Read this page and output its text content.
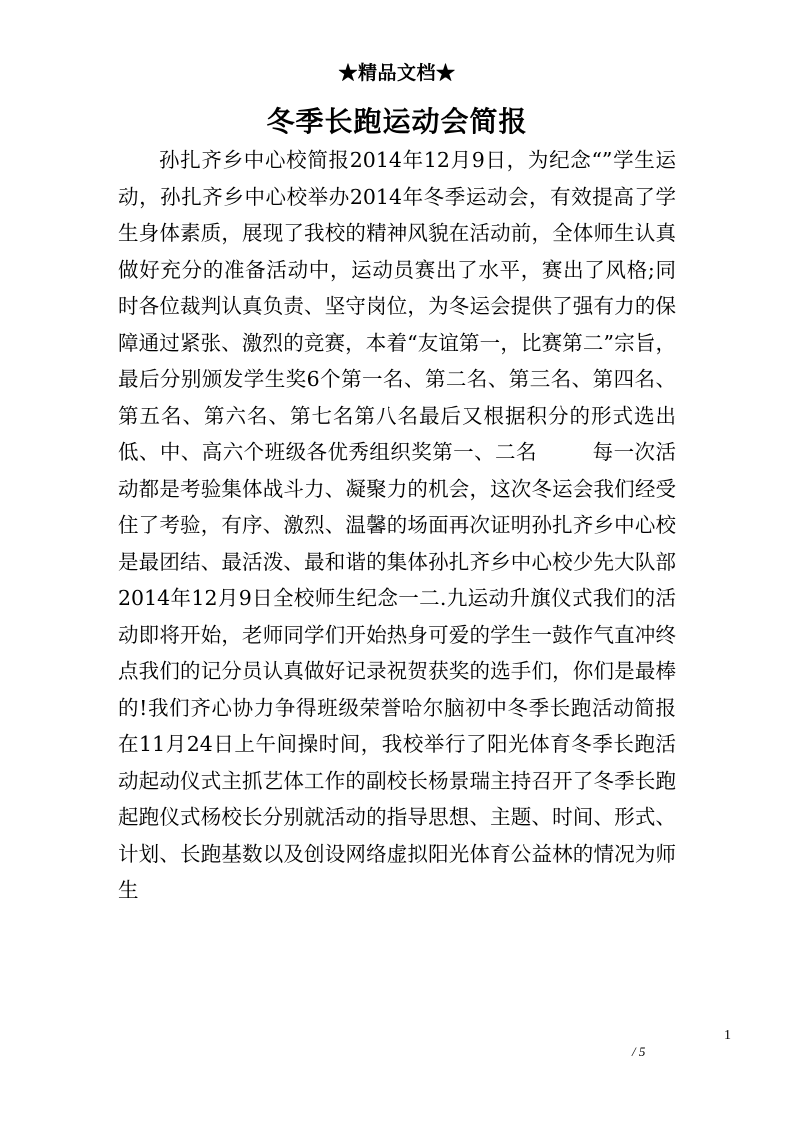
★精品文档★
冬季长跑运动会简报
孙扎齐乡中心校简报2014年12月9日，为纪念“”学生运动，孙扎齐乡中心校举办2014年冬季运动会，有效提高了学生身体素质，展现了我校的精神风貌在活动前，全体师生认真做好充分的准备活动中，运动员赛出了水平，赛出了风格;同时各位裁判认真负责、坚守岗位，为冬运会提供了强有力的保障通过紧张、激烈的竞赛，本着“友谊第一，比赛第二”宗旨，最后分别颁发学生奖6个第一名、第二名、第三名、第四名、第五名、第六名、第七名第八名最后又根据积分的形式选出低、中、高六个班级各优秀组织奖第一、二名        每一次活动都是考验集体战斗力、凝聚力的机会，这次冬运会我们经受住了考验，有序、激烈、温馨的场面再次证明孙扎齐乡中心校是最团结、最活泼、最和谐的集体孙扎齐乡中心校少先大队部2014年12月9日全校师生纪念一二.九运动升旗仪式我们的活动即将开始，老师同学们开始热身可爱的学生一鼓作气直冲终点我们的记分员认真做好记录祝贺获奖的选手们，你们是最棒的!我们齐心协力争得班级荣誉哈尔脑初中冬季长跑活动简报在11月24日上午间操时间，我校举行了阳光体育冬季长跑活动起动仪式主抓艺体工作的副校长杨景瑞主持召开了冬季长跑起跑仪式杨校长分别就活动的指导思想、主题、时间、形式、计划、长跑基数以及创设网络虚拟阳光体育公益林的情况为师生
1
/ 5
